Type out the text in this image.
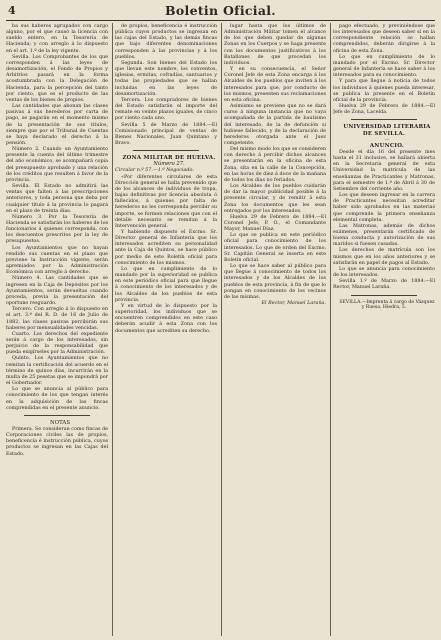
4	Boletin Oficial.

ba sus haberes agrupados con cargo alguno, por el que causó la licencia con sueldo entero, en la Tesorería de Hacienda; y con arreglo á lo dispuesto en el art. 1.º de la ley vigente.

Sevilla. Los Comprobantes de los que corresponden á las leyes de desamortización, el Fondo de Propios y Arbitrios pasará en la forma acostumbrada con la Delegación de Hacienda, para la percepción del tanto por ciento, que es el producto de las ventas de los bienes de propios.

Las cantidades que abonan las clases pasivas á sus herederos por carta de pago, se pagarán en el momento mismo de la presentación de sus títulos, siempre que por el Tribunal de Cuentas se haya declarado el derecho á la pensión.

Número 2. Cuando un Ayuntamiento presente la cuenta del último trimestre del año económico, se acompañará copia del presupuesto aprobado y una relación de los créditos que resulten á favor de la provincia.

Sevilla. El Estado no admitirá las ventas que falten á las prescripciones anteriores, y toda persona que deba por cualquier título á la provincia lo pagará en el plazo de treinta días.

Número 3. Por la Tesorería de Hacienda se satisfarán los haberes de los funcionarios á quienes corresponda, con los descuentos prescritos por la ley de presupuestos.

Los Ayuntamientos que no hayan rendido sus cuentas en el plazo que previene la Instrucción vigente, serán apremiados por la Administración Económica con arreglo á derecho.

Número 4. Las cantidades que se ingresen en la Caja de Depósitos por los Ayuntamientos, serán devueltas cuando proceda, previa la presentación del oportuno resguardo.

Tercero. Con arreglo á lo dispuesto en el art. 3.º del R. D. de 16 de Julio de 1882, las clases pasivas percibirán sus haberes por mensualidades vencidas.

Cuarto. Los derechos del expediente serán á cargo de los interesados, sin perjuicio de la responsabilidad que pueda exigírseles por la Administración.

Quinto. Los Ayuntamientos que no remitan la certificación del acuerdo en el término de quince días, incurrirán en la multa de 25 pesetas que se impondrá por el Gobernador.

Lo que se anuncia al público para conocimiento de los que tengan interés en la adquisición de las fincas comprendidas en el presente anuncio.

NOTAS

Primera. Se consideran como fincas de Corporaciones civiles las de propios, beneficencia é instrucción pública, cuyos productos se ingresan en las Cajas del Estado.

de propios, beneficencia é instrucción pública cuyos productos se ingresan en las cajas del Estado, y las demás fincas que bajo diferentes denominaciones corresponden á las provincias y á los pueblos.

Segunda. Son bienes del Estado los que llevan este nombre, los conventos, iglesias, ermitas, cofradías, santuarios y todas las propiedades que se hallan incluidas en las leyes de desamortización.

Tercera. Los compradores de bienes del Estado satisfarán el importe del remate en veinte plazos iguales, de cinco por ciento cada uno.

Sevilla 5 de Marzo de 1884.—El Comisionado principal de ventas de Bienes Nacionales, Juan Quintano y Bravo.

ZONA MILITAR DE HUELVA.

Número 27.

Circular n.º 57.—1.º Negociado.

«Por diferentes circulares de esta Dirección general se halla prevenido que de los alcances de individuos de tropa, bajas definitivas por licencia absoluta ó fallecidos, á quienes por falta de herederos no les corresponda percibir su importe, se formen relaciones que con el detalle necesario se remitan á la Intervención general.

Y habiendo dispuesto el Excmo. Sr. Director general de Infantería que los interesados acrediten su personalidad ante la Caja de Quintos, se hace público por medio de este Boletín oficial para conocimiento de los mismos.

Lo que en cumplimiento de lo mandado por la superioridad se publica en este periódico oficial para que llegue á conocimiento de los interesados y de los Alcaldes de los pueblos de esta provincia.

Y en virtud de lo dispuesto por la superioridad, los individuos que se encuentren comprendidos en este caso deberán acudir á esta Zona con los documentos que acrediten su derecho.

lugar hasta que los últimos de Administración Militar tomen el alcance de los que deben quedar de algunas Zonas en los Cuerpos y se haga presente con los documentos justificativos á los Batallones de que procedan los individuos.

Y en su consecuencia, el Señor Coronel Jefe de esta Zona encarga á los Alcaldes de los pueblos que inviten á los interesados para que, por conducto de los mismos, presenten sus reclamaciones en esta oficina.

Asimismo se previene que no se dará curso á ninguna instancia que no vaya acompañada de la partida de bautismo del interesado, de la de defunción si hubiese fallecido, y de la declaración de herederos otorgada ante el Juez competente.

Del mismo modo los que se consideren con derecho á percibir dichos alcances se presentarán en la oficina de esta Zona, sita en la calle de la Concepción, en las horas de diez á doce de la mañana de todos los días no feriados.

Los Alcaldes de los pueblos cuidarán de dar la mayor publicidad posible á la presente circular, y de remitir á esta Zona los documentos que les sean entregados por los interesados.

Huelva 29 de Febrero de 1884.—El Coronel Jefe, P. O., el Comandante Mayor, Manuel Díaz.

Lo que se publica en este periódico oficial para conocimiento de los interesados. Lo que de orden del Excmo. Sr. Capitán General se inserta en este Boletín oficial.

Lo que se hace saber al público para que llegue á conocimiento de todos los interesados y de los Alcaldes de los pueblos de esta provincia, á fin de que lo pongan en conocimiento de los vecinos de las mismas.

El Rector, Manuel Laraña.

pago efectuado, y previniéndose que los interesados que deseen saber si en la correspondiente relación se hallan comprendidos, deberán dirigirse á la oficina de esta Zona.

Lo que en cumplimiento de lo mandado por el Excmo. Sr. Director general de Infantería se hace saber á los interesados para su conocimiento.

Y para que llegue á noticia de todos los individuos á quienes pueda interesar, se publica la presente en el Boletín oficial de la provincia.

Huelva 29 de Febrero de 1884.—El Jefe de Zona, Lacelda.

UNIVERSIDAD LITERARIA DE SEVILLA.

—

ANUNCIO.

Desde el día 16 del presente mes hasta el 31 inclusive, se hallará abierta en la Secretaría general de esta Universidad la matrícula de las enseñanzas de Practicantes y Matronas, para el semestre de 1.º de Abril á 30 de Setiembre del corriente año.

Los que deseen ingresar en la carrera de Practicantes necesitan acreditar haber sido aprobados en las materias que comprende la primera enseñanza elemental completa.

Las Matronas, además de dichos exámenes, presentarán certificado de buena conducta y autorización de sus maridos si fuesen casadas.

Los derechos de matrícula son los mismos que en los años anteriores y se satisfarán en papel de pagos al Estado.

Lo que se anuncia para conocimiento de los interesados.

Sevilla 1.º de Marzo de 1884.—El Rector, Manuel Laraña.

SEVILLA.—Imprenta á cargo de Vázquez y Ruesa, Hiedra, 5.
